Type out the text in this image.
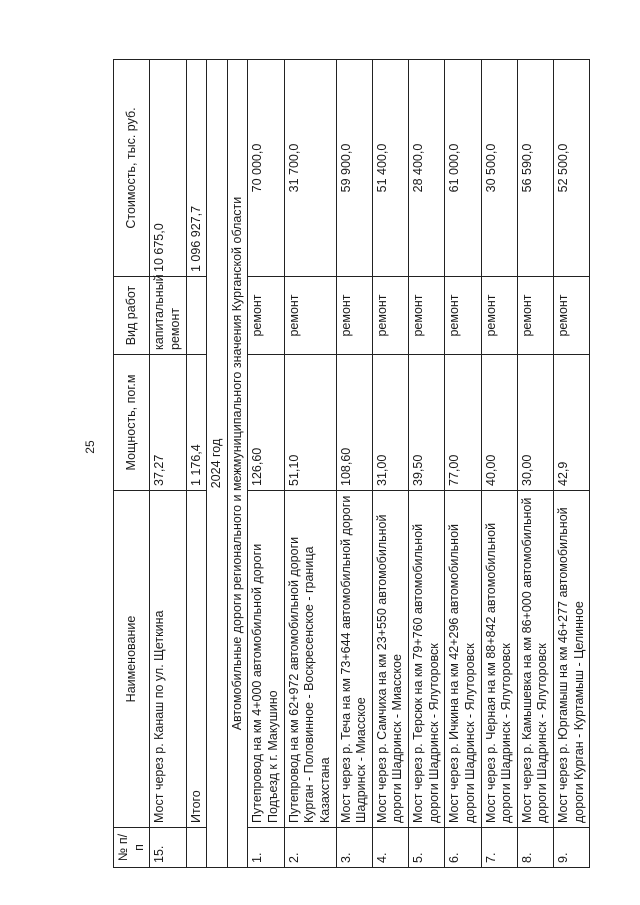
25
№ п/п	Наименование	Мощность, пог.м	Вид работ	Стоимость, тыс. руб.
15.	Мост через р. Канаш по ул. Щеткина	37,27	капитальный ремонт	10 675,0
	Итого	1 176,4		1 096 927,7
2024 год				
Автомобильные дороги регионального и межмуниципального значения Курганской области				
1.	Путепровод на км 4+000 автомобильной дороги Подъезд к г. Макушино	126,60	ремонт	70 000,0
2.	Путепровод на км 62+972 автомобильной дороги Курган - Половинное - Воскресенское - граница Казахстана	51,10	ремонт	31 700,0
3.	Мост через р. Теча на км 73+644 автомобильной дороги Шадринск - Миасское	108,60	ремонт	59 900,0
4.	Мост через р. Самчиха на км 23+550 автомобильной дороги Шадринск - Миасское	31,00	ремонт	51 400,0
5.	Мост через р. Терсюк на км 79+760 автомобильной дороги Шадринск - Ялуторовск	39,50	ремонт	28 400,0
6.	Мост через р. Ичкина на км 42+296 автомобильной дороги Шадринск - Ялуторовск	77,00	ремонт	61 000,0
7.	Мост через р. Черная на км 88+842 автомобильной дороги Шадринск - Ялуторовск	40,00	ремонт	30 500,0
8.	Мост через р. Камышевка на км 86+000 автомобильной дороги Шадринск - Ялуторовск	30,00	ремонт	56 590,0
9.	Мост через р. Юргамыш на км 46+277 автомобильной дороги Курган - Куртамыш - Целинное	42,9	ремонт	52 500,0
